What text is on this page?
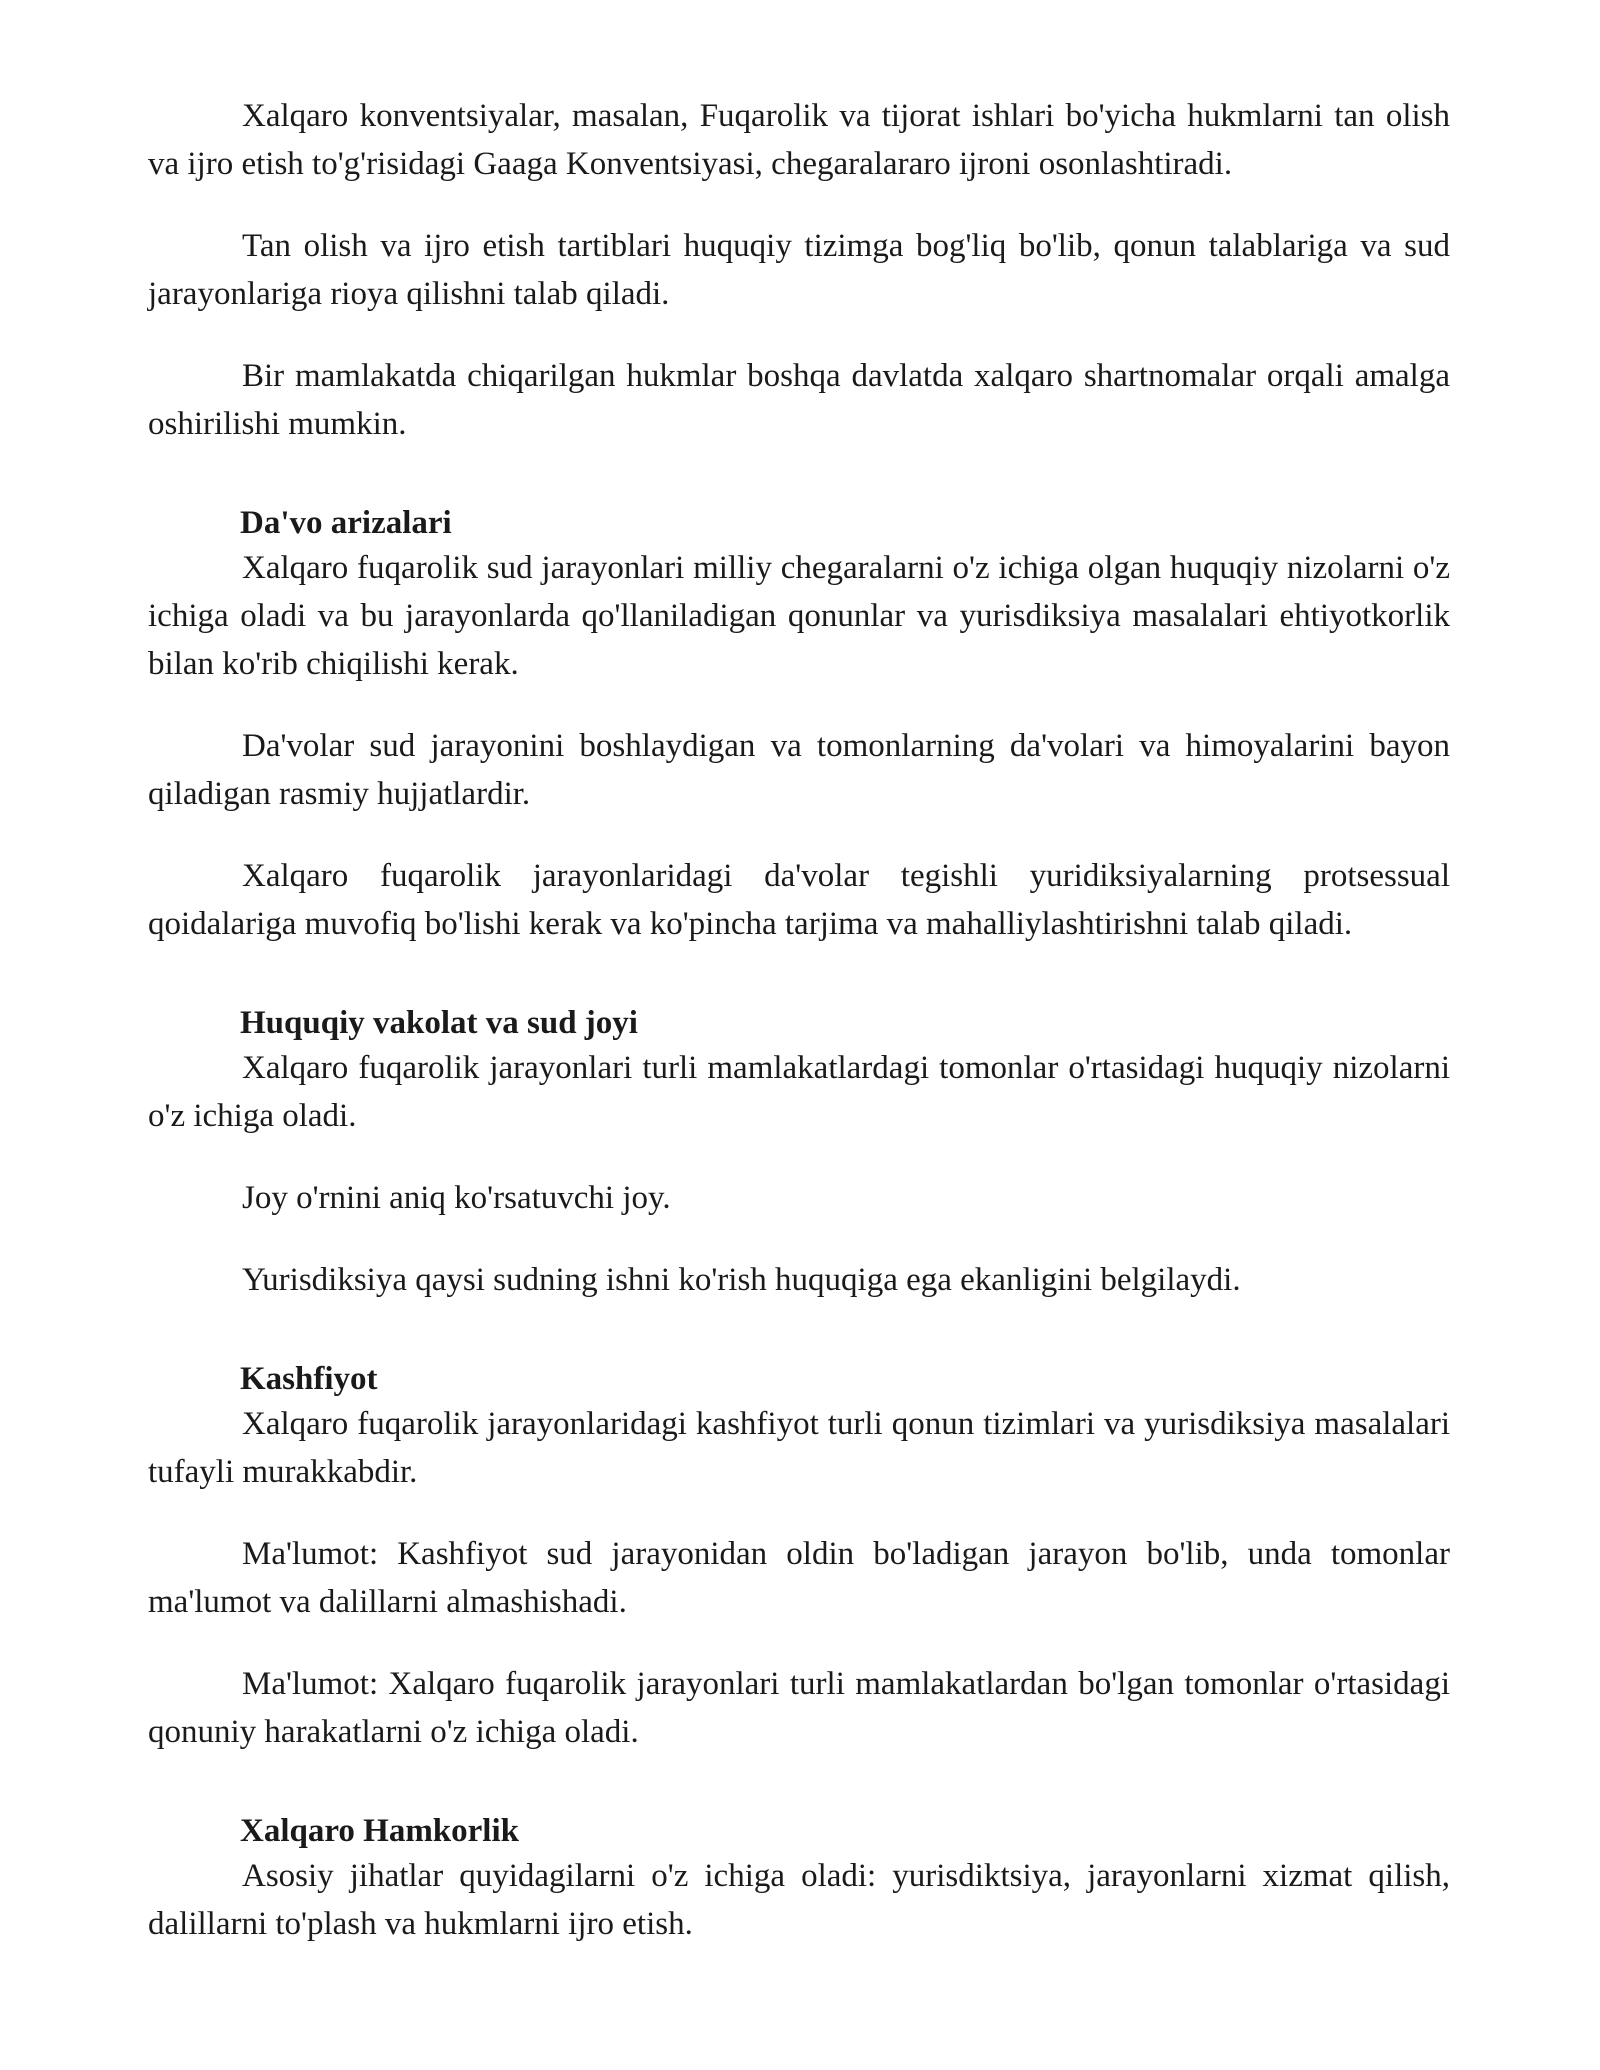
Xalqaro konventsiyalar, masalan, Fuqarolik va tijorat ishlari bo'yicha hukmlarni tan olish va ijro etish to'g'risidagi Gaaga Konventsiyasi, chegaralararo ijroni osonlashtiradi.

Tan olish va ijro etish tartiblari huquqiy tizimga bog'liq bo'lib, qonun talablariga va sud jarayonlariga rioya qilishni talab qiladi.

Bir mamlakatda chiqarilgan hukmlar boshqa davlatda xalqaro shartnomalar orqali amalga oshirilishi mumkin.

Da'vo arizalari

Xalqaro fuqarolik sud jarayonlari milliy chegaralarni o'z ichiga olgan huquqiy nizolarni o'z ichiga oladi va bu jarayonlarda qo'llaniladigan qonunlar va yurisdiksiya masalalari ehtiyotkorlik bilan ko'rib chiqilishi kerak.

Da'volar sud jarayonini boshlaydigan va tomonlarning da'volari va himoyalarini bayon qiladigan rasmiy hujjatlardir.

Xalqaro fuqarolik jarayonlaridagi da'volar tegishli yuridiksiyalarning protsessual qoidalariga muvofiq bo'lishi kerak va ko'pincha tarjima va mahalliylashtirishni talab qiladi.

Huquqiy vakolat va sud joyi

Xalqaro fuqarolik jarayonlari turli mamlakatlardagi tomonlar o'rtasidagi huquqiy nizolarni o'z ichiga oladi.

Joy o'rnini aniq ko'rsatuvchi joy.

Yurisdiksiya qaysi sudning ishni ko'rish huquqiga ega ekanligini belgilaydi.

Kashfiyot

Xalqaro fuqarolik jarayonlaridagi kashfiyot turli qonun tizimlari va yurisdiksiya masalalari tufayli murakkabdir.

Ma'lumot: Kashfiyot sud jarayonidan oldin bo'ladigan jarayon bo'lib, unda tomonlar ma'lumot va dalillarni almashishadi.

Ma'lumot: Xalqaro fuqarolik jarayonlari turli mamlakatlardan bo'lgan tomonlar o'rtasidagi qonuniy harakatlarni o'z ichiga oladi.

Xalqaro Hamkorlik

Asosiy jihatlar quyidagilarni o'z ichiga oladi: yurisdiktsiya, jarayonlarni xizmat qilish, dalillarni to'plash va hukmlarni ijro etish.
